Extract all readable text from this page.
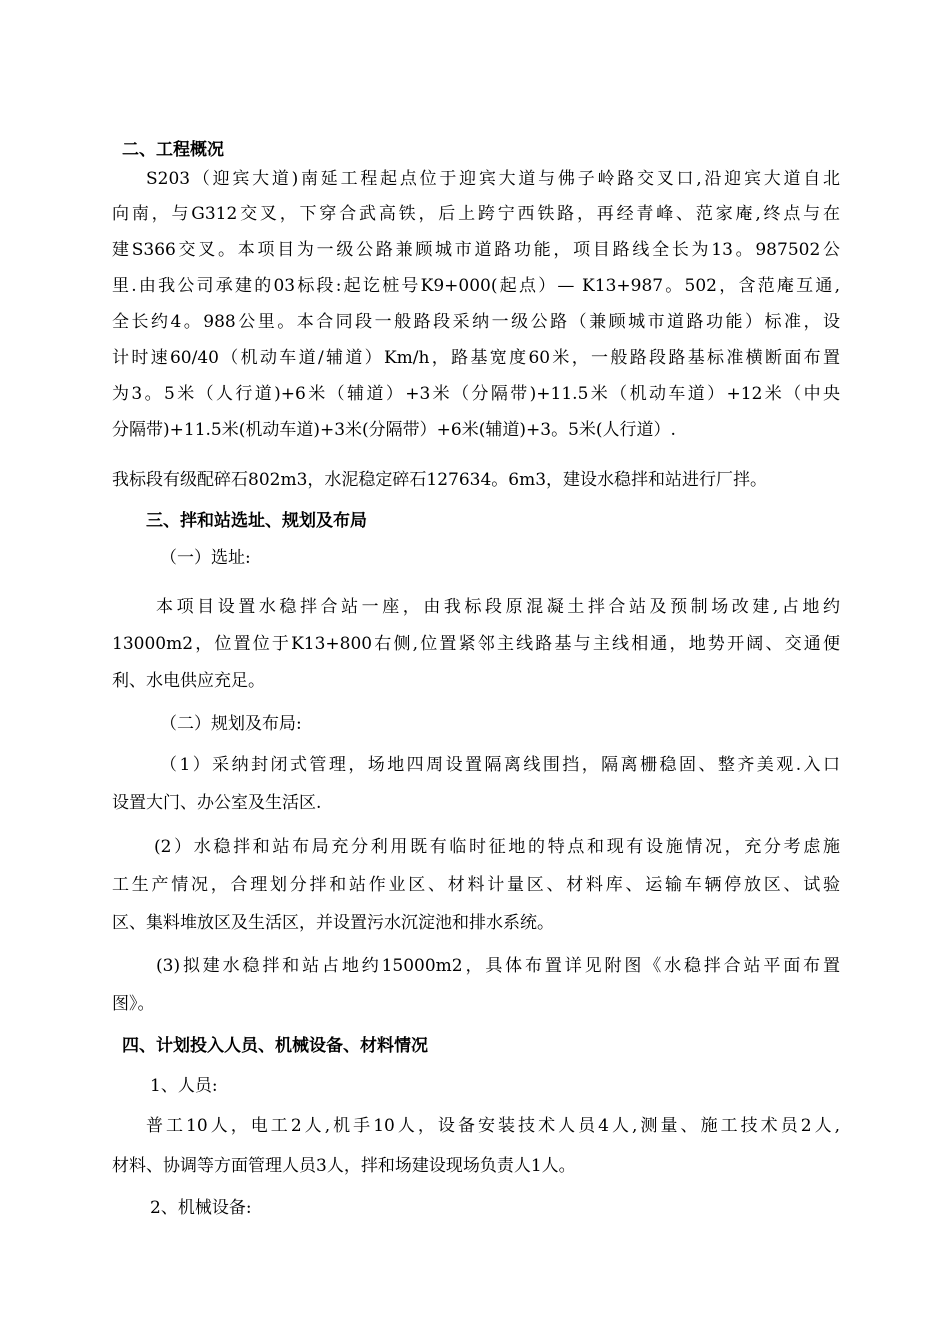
二、工程概况
S203（迎宾大道)南延工程起点位于迎宾大道与佛子岭路交叉口,沿迎宾大道自北
向南，与G312交叉，下穿合武高铁，后上跨宁西铁路，再经青峰、范家庵,终点与在
建S366交叉。本项目为一级公路兼顾城市道路功能，项目路线全长为13。987502公
里.由我公司承建的03标段:起讫桩号K9+000(起点）— K13+987。502，含范庵互通,
全长约4。988公里。本合同段一般路段采纳一级公路（兼顾城市道路功能）标准，设
计时速60/40（机动车道/辅道）Km/h，路基宽度60米，一般路段路基标准横断面布置
为3。5米（人行道)+6米（辅道）+3米（分隔带)+11.5米（机动车道）+12米（中央
分隔带)+11.5米(机动车道)+3米(分隔带）+6米(辅道)+3。5米(人行道）.
我标段有级配碎石802m3，水泥稳定碎石127634。6m3，建设水稳拌和站进行厂拌。
三、拌和站选址、规划及布局
（一）选址:
本项目设置水稳拌合站一座，由我标段原混凝土拌合站及预制场改建,占地约
13000m2，位置位于K13+800右侧,位置紧邻主线路基与主线相通，地势开阔、交通便
利、水电供应充足。
（二）规划及布局:
（1）采纳封闭式管理，场地四周设置隔离线围挡，隔离栅稳固、整齐美观.入口
设置大门、办公室及生活区.
(2）水稳拌和站布局充分利用既有临时征地的特点和现有设施情况，充分考虑施
工生产情况，合理划分拌和站作业区、材料计量区、材料库、运输车辆停放区、试验
区、集料堆放区及生活区，并设置污水沉淀池和排水系统。
(3)拟建水稳拌和站占地约15000m2，具体布置详见附图《水稳拌合站平面布置
图》。
四、计划投入人员、机械设备、材料情况
1、人员:
普工10人，电工2人,机手10人，设备安装技术人员4人,测量、施工技术员2人,
材料、协调等方面管理人员3人，拌和场建设现场负责人1人。
2、机械设备:
